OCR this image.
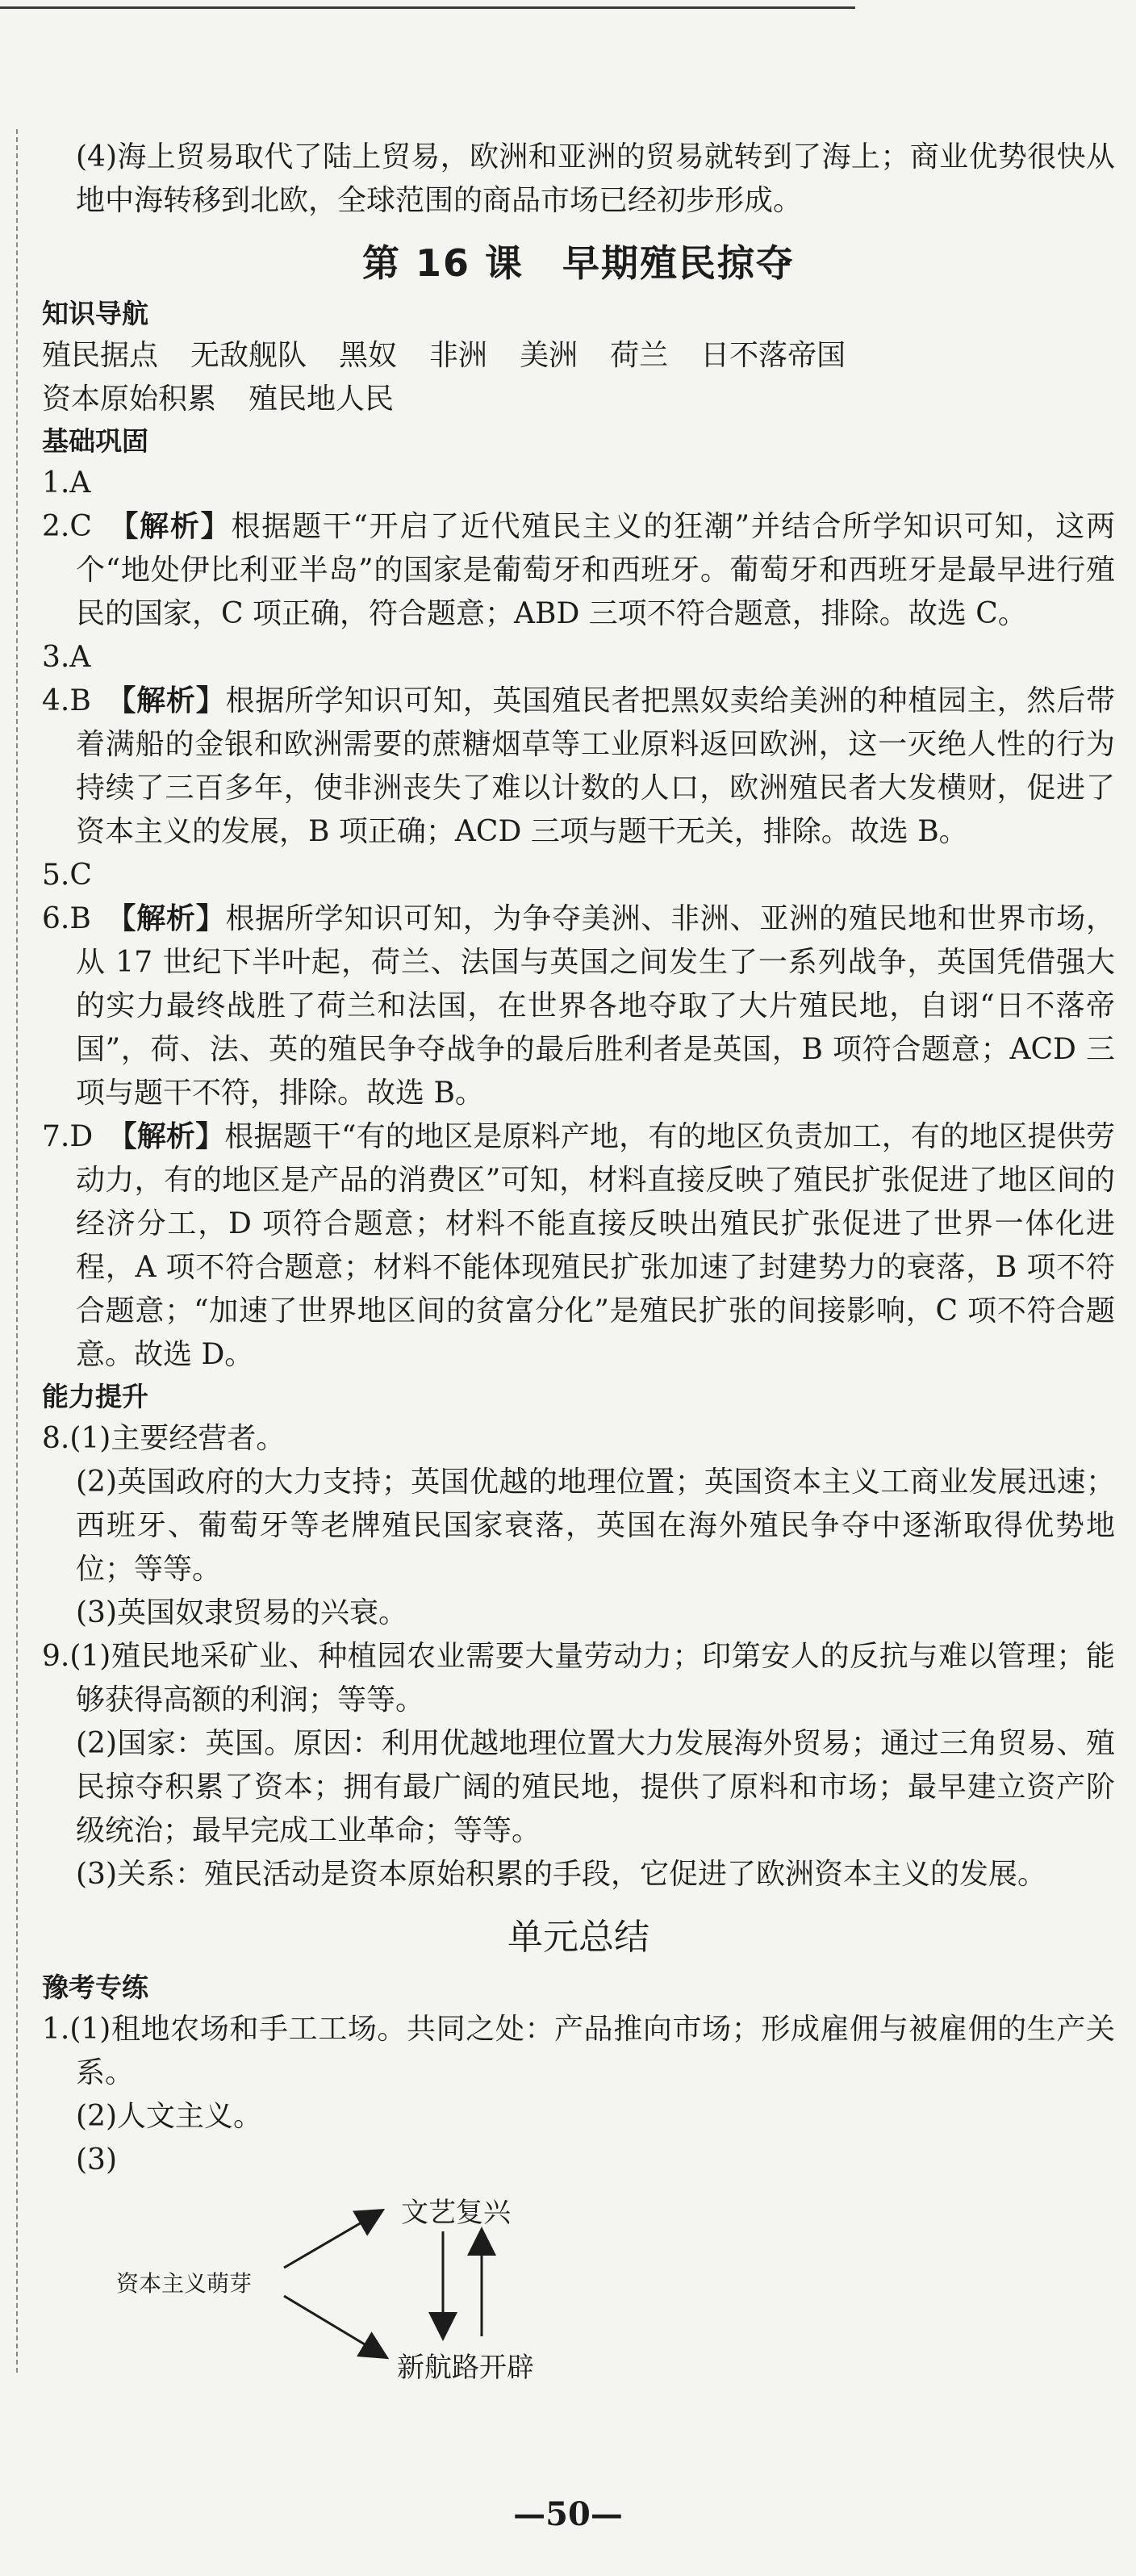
(4)海上贸易取代了陆上贸易，欧洲和亚洲的贸易就转到了海上；商业优势很快从地中海转移到北欧，全球范围的商品市场已经初步形成。

第 16 课　早期殖民掠夺

知识导航

殖民据点 无敌舰队 黑奴 非洲 美洲 荷兰 日不落帝国
资本原始积累 殖民地人民

基础巩固

1.A

2.C　 【解析】根据题干“开启了近代殖民主义的狂潮”并结合所学知识可知，这两个“地处伊比利亚半岛”的国家是葡萄牙和西班牙。葡萄牙和西班牙是最早进行殖民的国家，C 项正确，符合题意；ABD 三项不符合题意，排除。故选 C。

3.A

4.B　 【解析】根据所学知识可知，英国殖民者把黑奴卖给美洲的种植园主，然后带着满船的金银和欧洲需要的蔗糖烟草等工业原料返回欧洲，这一灭绝人性的行为持续了三百多年，使非洲丧失了难以计数的人口，欧洲殖民者大发横财，促进了资本主义的发展，B 项正确；ACD 三项与题干无关，排除。故选 B。

5.C

6.B　 【解析】根据所学知识可知，为争夺美洲、非洲、亚洲的殖民地和世界市场，从 17 世纪下半叶起，荷兰、法国与英国之间发生了一系列战争，英国凭借强大的实力最终战胜了荷兰和法国，在世界各地夺取了大片殖民地，自诩“日不落帝国”，荷、法、英的殖民争夺战争的最后胜利者是英国，B 项符合题意；ACD 三项与题干不符，排除。故选 B。

7.D　 【解析】根据题干“有的地区是原料产地，有的地区负责加工，有的地区提供劳动力，有的地区是产品的消费区”可知，材料直接反映了殖民扩张促进了地区间的经济分工，D 项符合题意；材料不能直接反映出殖民扩张促进了世界一体化进程，A 项不符合题意；材料不能体现殖民扩张加速了封建势力的衰落，B 项不符合题意；“加速了世界地区间的贫富分化”是殖民扩张的间接影响，C 项不符合题意。故选 D。

能力提升

8.(1)主要经营者。

(2)英国政府的大力支持；英国优越的地理位置；英国资本主义工商业发展迅速；西班牙、葡萄牙等老牌殖民国家衰落，英国在海外殖民争夺中逐渐取得优势地位；等等。

(3)英国奴隶贸易的兴衰。

9.(1)殖民地采矿业、种植园农业需要大量劳动力；印第安人的反抗与难以管理；能够获得高额的利润；等等。

(2)国家：英国。原因：利用优越地理位置大力发展海外贸易；通过三角贸易、殖民掠夺积累了资本；拥有最广阔的殖民地，提供了原料和市场；最早建立资产阶级统治；最早完成工业革命；等等。

(3)关系：殖民活动是资本原始积累的手段，它促进了欧洲资本主义的发展。

单元总结

豫考专练

1.(1)租地农场和手工工场。共同之处：产品推向市场；形成雇佣与被雇佣的生产关系。

(2)人文主义。

(3)

资本主义萌芽
文艺复兴
新航路开辟
—50—
